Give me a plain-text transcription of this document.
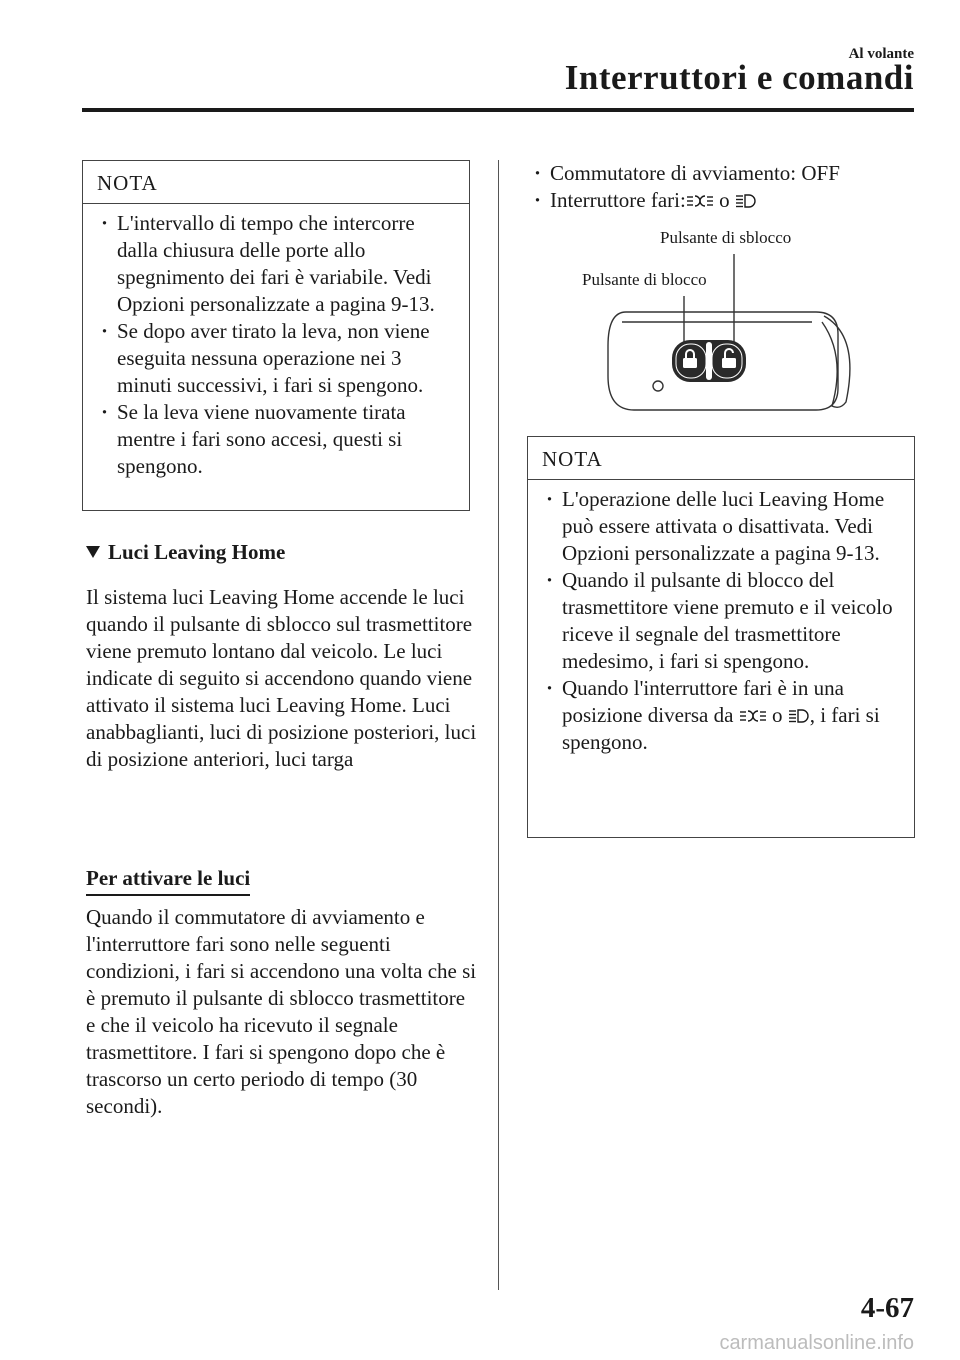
Al volante
Interruttori e comandi
NOTA
· L'intervallo di tempo che intercorre dalla chiusura delle porte allo spegnimento dei fari è variabile. Vedi Opzioni personalizzate a pagina 9-13.
· Se dopo aver tirato la leva, non viene eseguita nessuna operazione nei 3 minuti successivi, i fari si spengono.
· Se la leva viene nuovamente tirata mentre i fari sono accesi, questi si spengono.
Luci Leaving Home
Il sistema luci Leaving Home accende le luci quando il pulsante di sblocco sul trasmettitore viene premuto lontano dal veicolo. Le luci indicate di seguito si accendono quando viene attivato il sistema luci Leaving Home. Luci anabbaglianti, luci di posizione posteriori, luci di posizione anteriori, luci targa
Per attivare le luci
Quando il commutatore di avviamento e l'interruttore fari sono nelle seguenti condizioni, i fari si accendono una volta che si è premuto il pulsante di sblocco trasmettitore e che il veicolo ha ricevuto il segnale trasmettitore. I fari si spengono dopo che è trascorso un certo periodo di tempo (30 secondi).
· Commutatore di avviamento: OFF
· Interruttore fari: o
Pulsante di sblocco
Pulsante di blocco
NOTA
· L'operazione delle luci Leaving Home può essere attivata o disattivata. Vedi Opzioni personalizzate a pagina 9-13.
· Quando il pulsante di blocco del trasmettitore viene premuto e il veicolo riceve il segnale del trasmettitore medesimo, i fari si spengono.
· Quando l'interruttore fari è in una posizione diversa da o , i fari si spengono.
4-67
carmanualsonline.info
